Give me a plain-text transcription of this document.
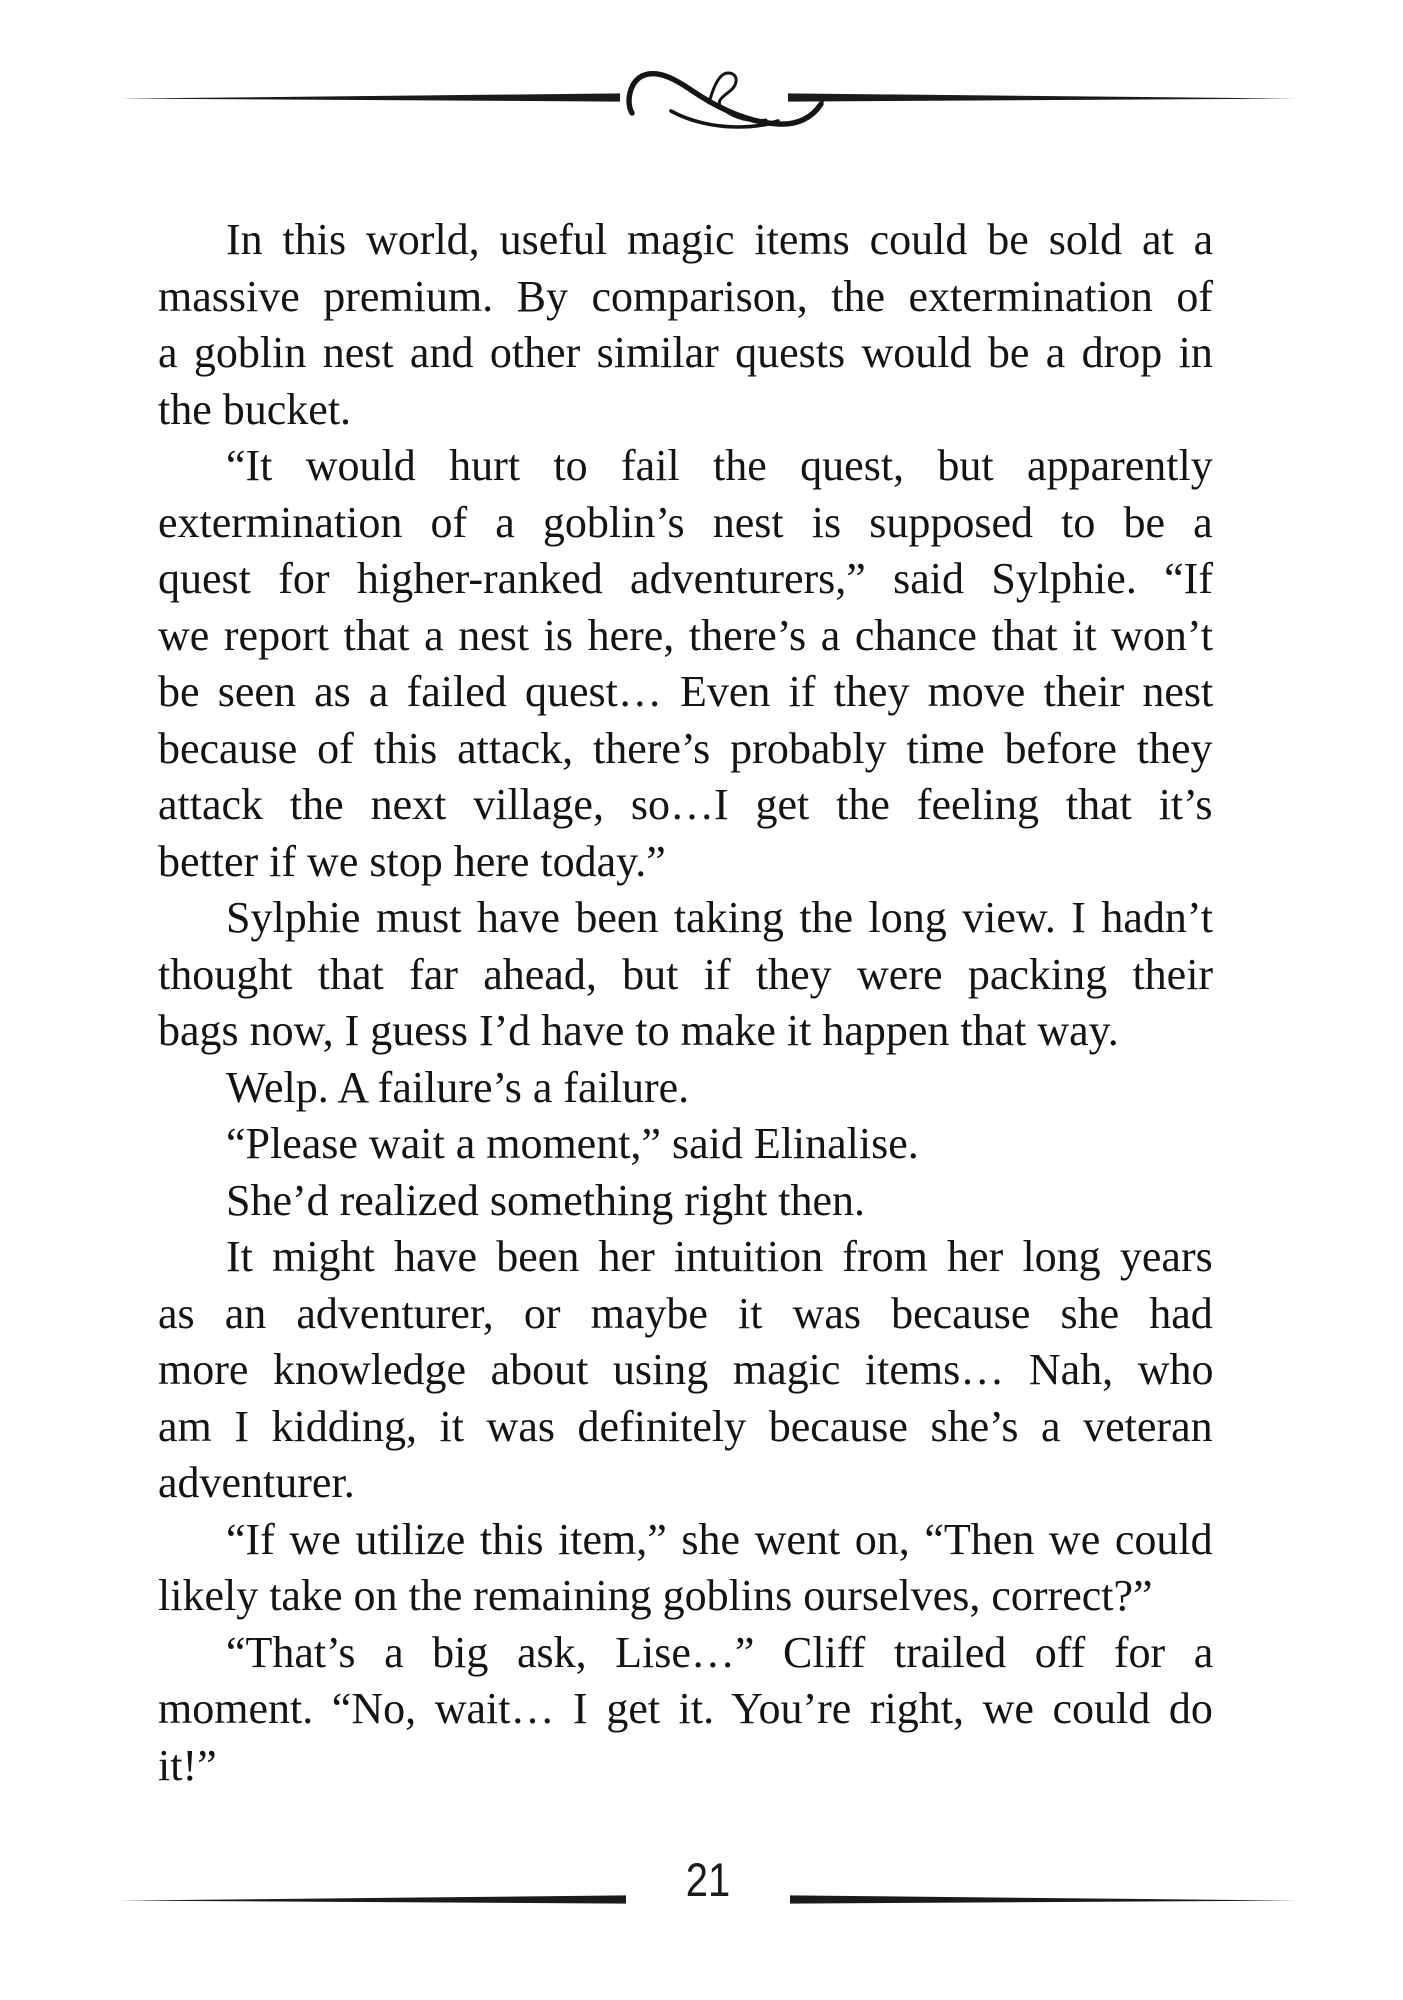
In this world, useful magic items could be sold at a
massive premium. By comparison, the extermination of
a goblin nest and other similar quests would be a drop in
the bucket.
“It would hurt to fail the quest, but apparently
extermination of a goblin’s nest is supposed to be a
quest for higher-ranked adventurers,” said Sylphie. “If
we report that a nest is here, there’s a chance that it won’t
be seen as a failed quest… Even if they move their nest
because of this attack, there’s probably time before they
attack the next village, so…I get the feeling that it’s
better if we stop here today.”
Sylphie must have been taking the long view. I hadn’t
thought that far ahead, but if they were packing their
bags now, I guess I’d have to make it happen that way.
Welp. A failure’s a failure.
“Please wait a moment,” said Elinalise.
She’d realized something right then.
It might have been her intuition from her long years
as an adventurer, or maybe it was because she had
more knowledge about using magic items… Nah, who
am I kidding, it was definitely because she’s a veteran
adventurer.
“If we utilize this item,” she went on, “Then we could
likely take on the remaining goblins ourselves, correct?”
“That’s a big ask, Lise…” Cliff trailed off for a
moment. “No, wait… I get it. You’re right, we could do
it!”
21
